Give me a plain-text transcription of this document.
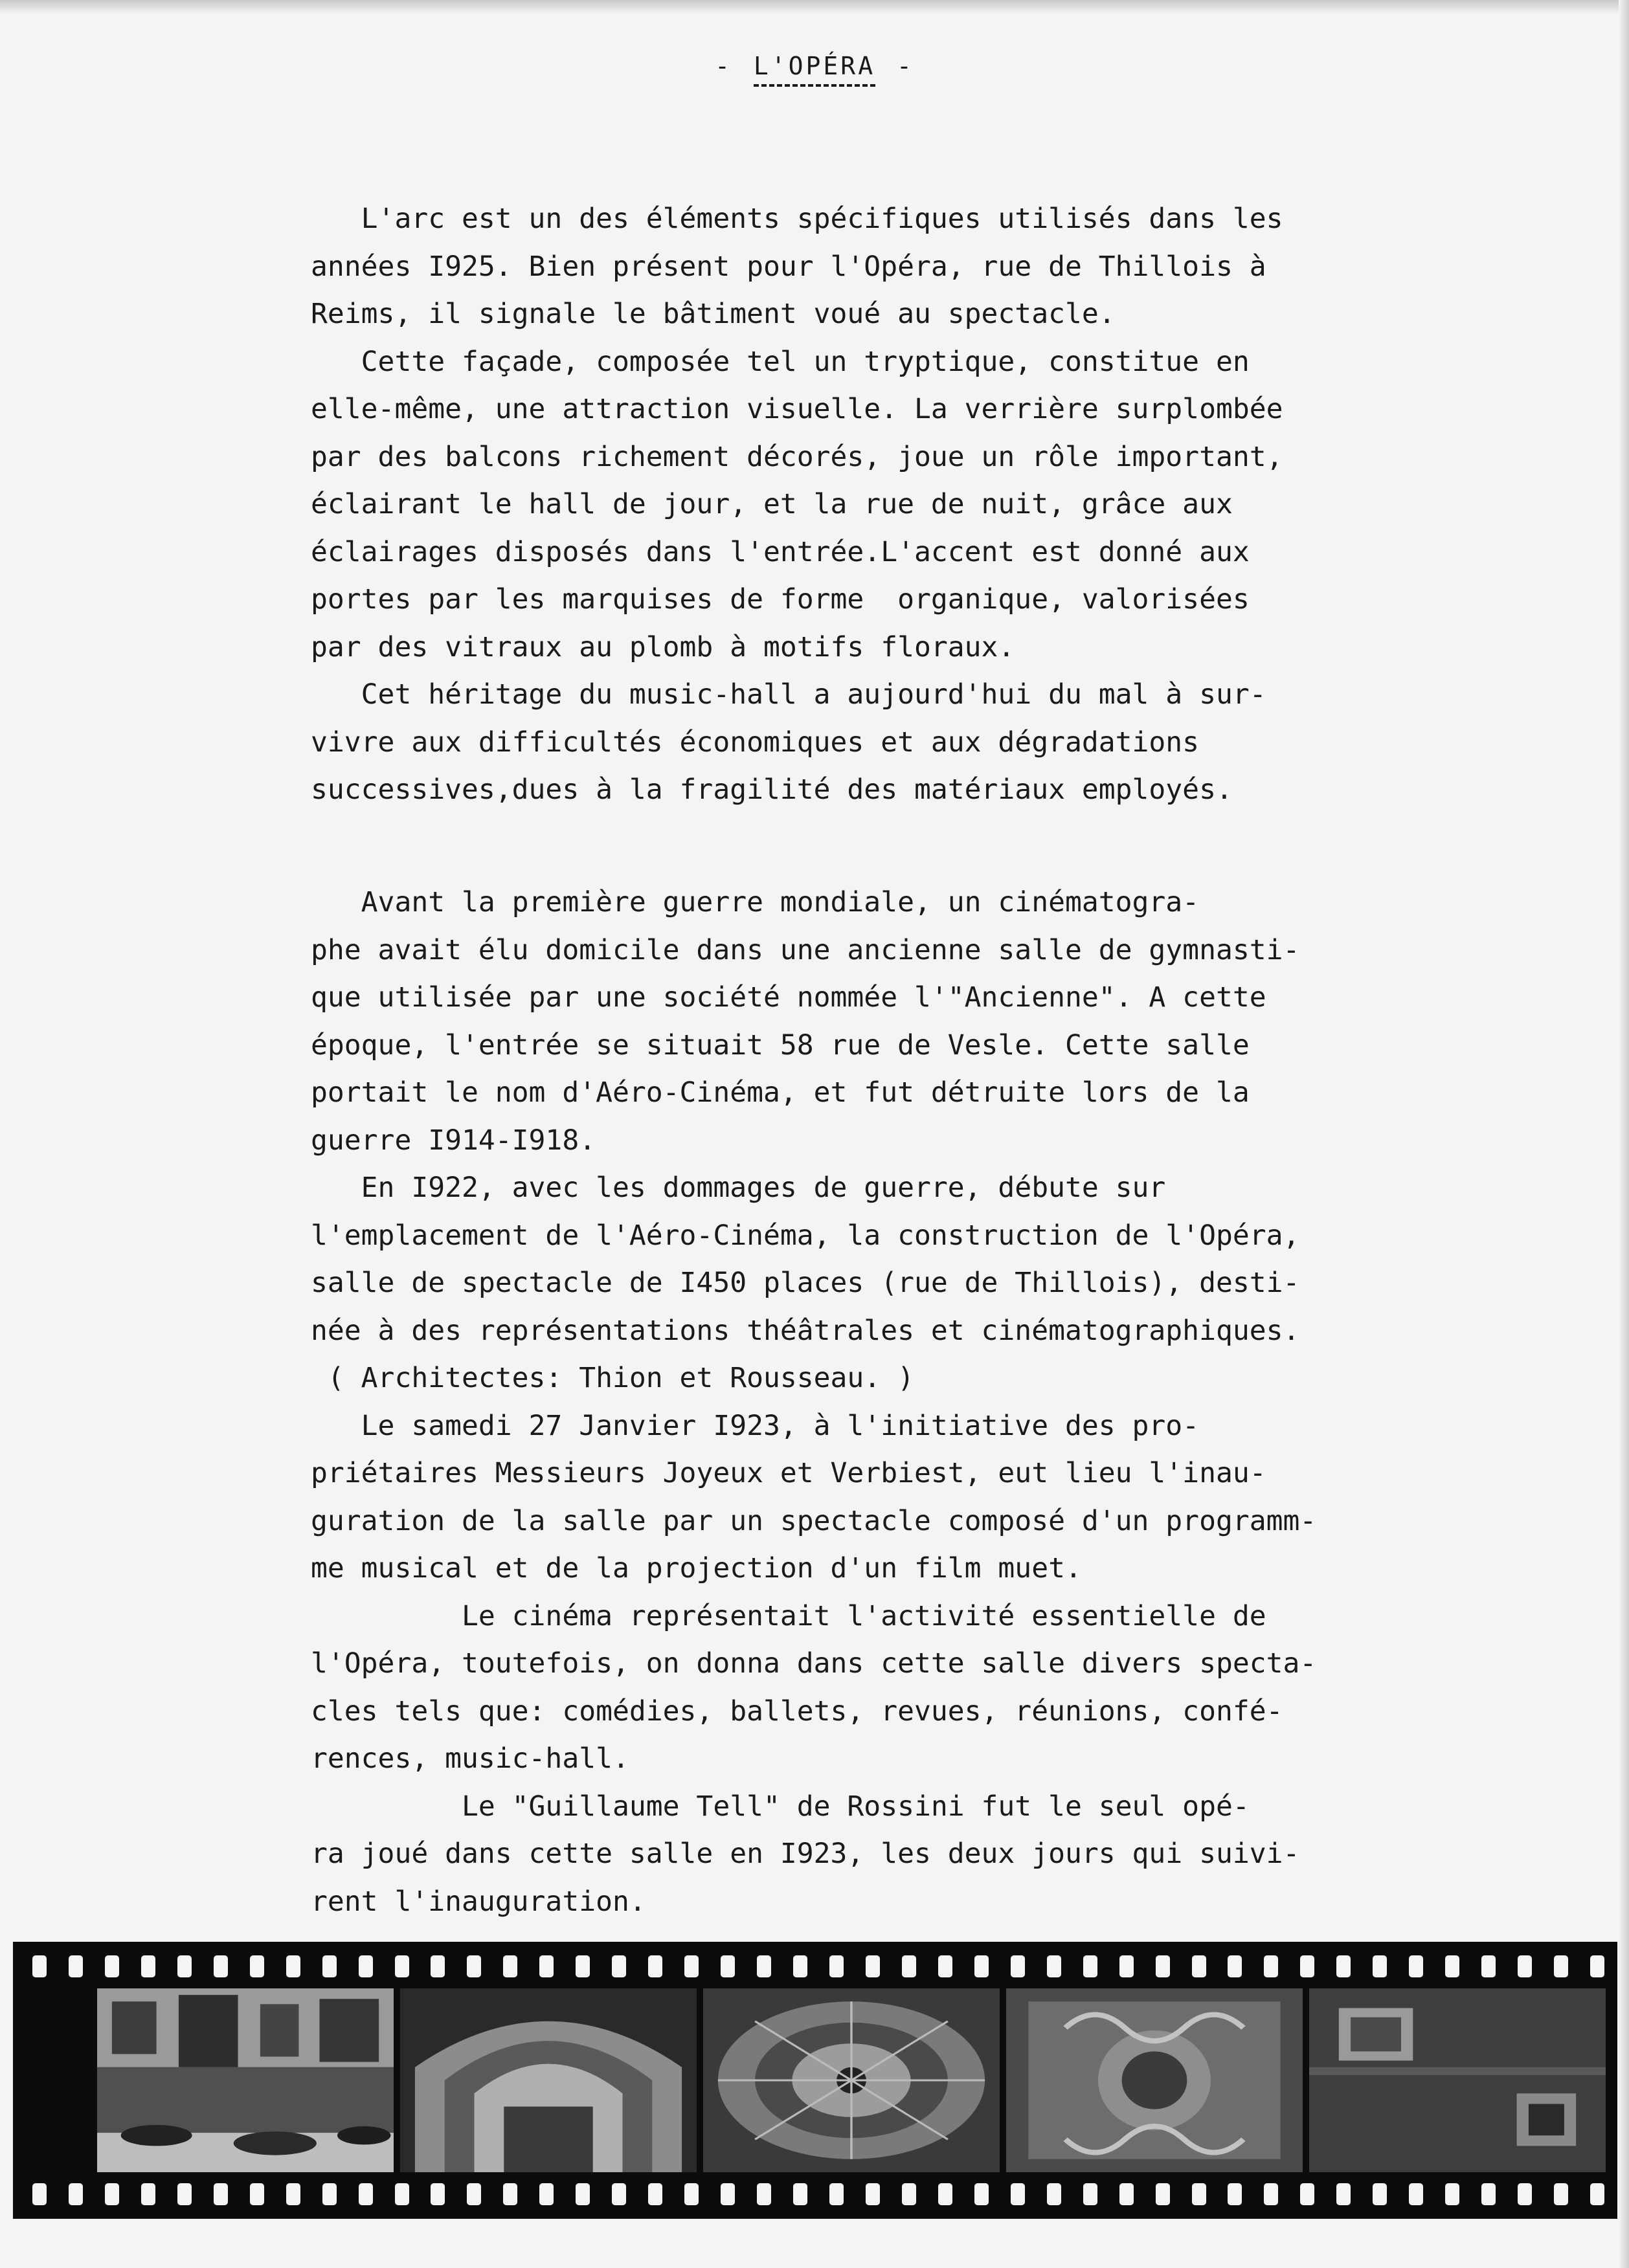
- L'OPÉRA -
L'arc est un des éléments spécifiques utilisés dans les
années I925. Bien présent pour l'Opéra, rue de Thillois à
Reims, il signale le bâtiment voué au spectacle.
Cette façade, composée tel un tryptique, constitue en
elle-même, une attraction visuelle. La verrière surplombée
par des balcons richement décorés, joue un rôle important,
éclairant le hall de jour, et la rue de nuit, grâce aux
éclairages disposés dans l'entrée.L'accent est donné aux
portes par les marquises de forme  organique, valorisées
par des vitraux au plomb à motifs floraux.
Cet héritage du music-hall a aujourd'hui du mal à sur-
vivre aux difficultés économiques et aux dégradations
successives,dues à la fragilité des matériaux employés.
Avant la première guerre mondiale, un cinématogra-
phe avait élu domicile dans une ancienne salle de gymnasti-
que utilisée par une société nommée l'"Ancienne". A cette
époque, l'entrée se situait 58 rue de Vesle. Cette salle
portait le nom d'Aéro-Cinéma, et fut détruite lors de la
guerre I914-I918.
En I922, avec les dommages de guerre, débute sur
l'emplacement de l'Aéro-Cinéma, la construction de l'Opéra,
salle de spectacle de I450 places (rue de Thillois), desti-
née à des représentations théâtrales et cinématographiques.
( Architectes: Thion et Rousseau. )
Le samedi 27 Janvier I923, à l'initiative des pro-
priétaires Messieurs Joyeux et Verbiest, eut lieu l'inau-
guration de la salle par un spectacle composé d'un programm-
me musical et de la projection d'un film muet.
Le cinéma représentait l'activité essentielle de
l'Opéra, toutefois, on donna dans cette salle divers specta-
cles tels que: comédies, ballets, revues, réunions, confé-
rences, music-hall.
Le "Guillaume Tell" de Rossini fut le seul opé-
ra joué dans cette salle en I923, les deux jours qui suivi-
rent l'inauguration.
